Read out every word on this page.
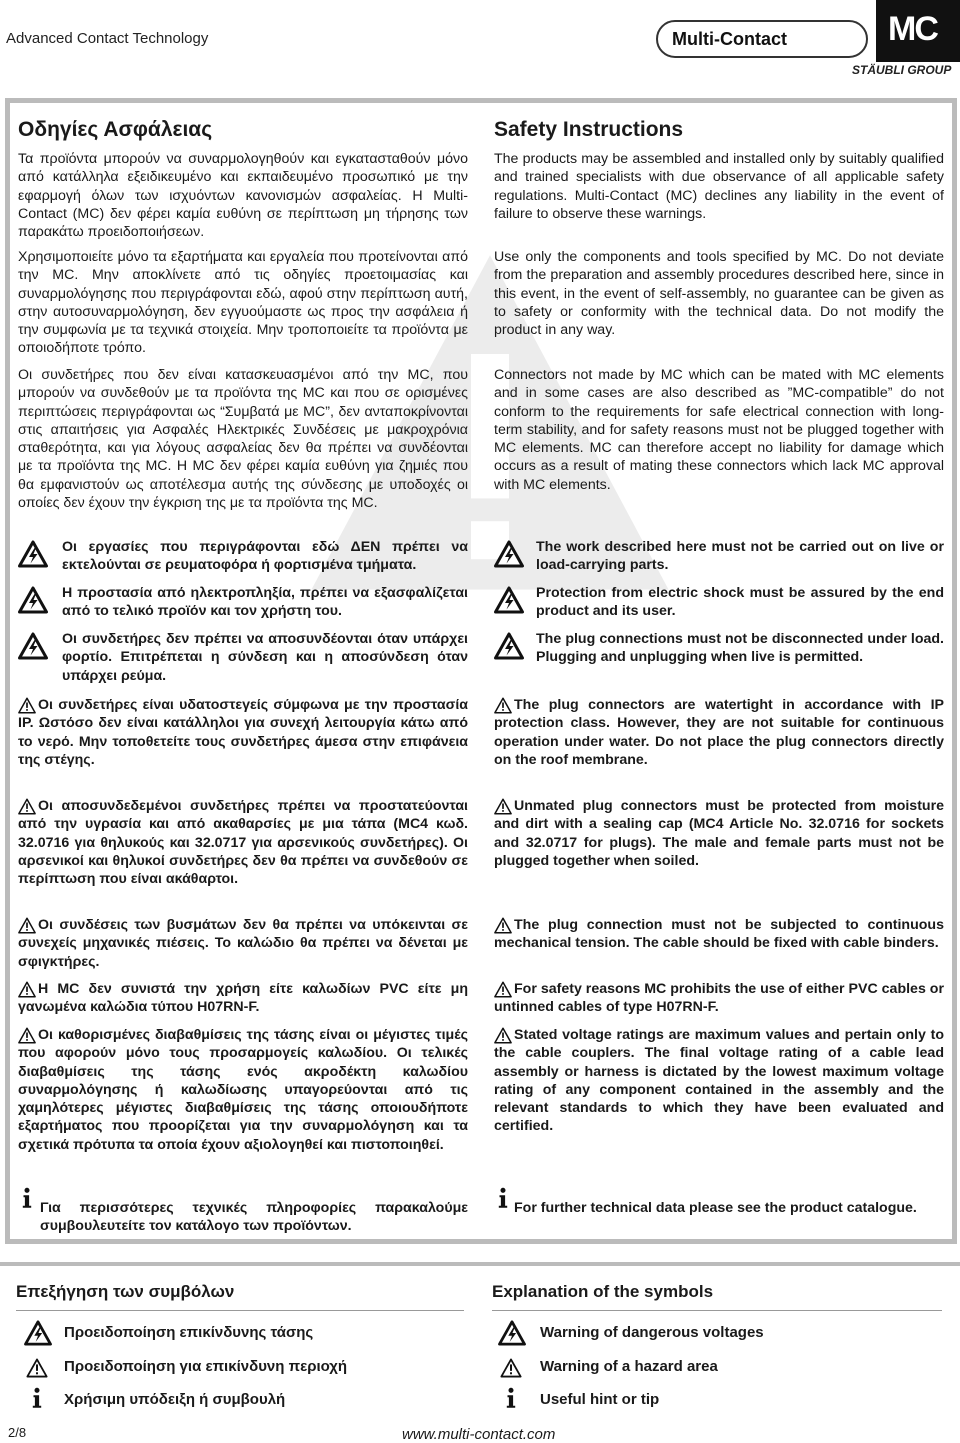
Advanced Contact Technology	Multi-Contact	MC
STÄUBLI GROUP
Οδηγίες Ασφάλειας

Τα προϊόντα μπορούν να συναρμολογηθούν και εγκατασταθούν μόνο από κατάλληλα εξειδικευμένο και εκπαιδευμένο προσωπικό με την εφαρμογή όλων των ισχυόντων κανονισμών ασφαλείας. Η Multi-Contact (MC) δεν φέρει καμία ευθύνη σε περίπτωση μη τήρησης των παρακάτω προειδοποιήσεων.

Χρησιμοποιείτε μόνο τα εξαρτήματα και εργαλεία που προτείνονται από την MC. Μην αποκλίνετε από τις οδηγίες προετοιμασίας και συναρμολόγησης που περιγράφονται εδώ, αφού στην περίπτωση αυτή, στην αυτοσυναρμολόγηση, δεν εγγυούμαστε ως προς την ασφάλεια ή την συμφωνία με τα τεχνικά στοιχεία. Μην τροποποιείτε τα προϊόντα με οποιοδήποτε τρόπο.

Οι συνδετήρες που δεν είναι κατασκευασμένοι από την MC, που μπορούν να συνδεθούν με τα προϊόντα της MC και που σε ορισμένες περιπτώσεις περιγράφονται ως “Συμβατά με MC”, δεν ανταποκρίνονται στις απαιτήσεις για Ασφαλές Ηλεκτρικές Συνδέσεις με μακροχρόνια σταθερότητα, και για λόγους ασφαλείας δεν θα πρέπει να συνδέονται με τα προϊόντα της MC. Η MC δεν φέρει καμία ευθύνη για ζημιές που θα εμφανιστούν ως αποτέλεσμα αυτής της σύνδεσης με υποδοχές οι οποίες δεν έχουν την έγκριση της με τα προϊόντα της MC.

Οι εργασίες που περιγράφονται εδώ ΔΕΝ πρέπει να εκτελούνται σε ρευματοφόρα ή φορτισμένα τμήματα.

Η προστασία από ηλεκτροπληξία, πρέπει να εξασφαλίζεται από το τελικό προϊόν και τον χρήστη του.

Οι συνδετήρες δεν πρέπει να αποσυνδέονται όταν υπάρχει φορτίο. Επιτρέπεται η σύνδεση και η αποσύνδεση όταν υπάρχει ρεύμα.

Οι συνδετήρες είναι υδατοστεγείς σύμφωνα με την προστασία IP. Ωστόσο δεν είναι κατάλληλοι για συνεχή λειτουργία κάτω από το νερό. Μην τοποθετείτε τους συνδετήρες άμεσα στην επιφάνεια της στέγης.

Οι αποσυνδεδεμένοι συνδετήρες πρέπει να προστατεύονται από την υγρασία και από ακαθαρσίες με μια τάπα (MC4 κωδ. 32.0716 για θηλυκούς και 32.0717 για αρσενικούς συνδετήρες). Οι αρσενικοί και θηλυκοί συνδετήρες δεν θα πρέπει να συνδεθούν σε περίπτωση που είναι ακάθαρτοι.

Οι συνδέσεις των βυσμάτων δεν θα πρέπει να υπόκεινται σε συνεχείς μηχανικές πιέσεις. Το καλώδιο θα πρέπει να δένεται με σφιγκτήρες.

Η MC δεν συνιστά την χρήση είτε καλωδίων PVC είτε μη γανωμένα καλώδια τύπου H07RN-F.

Οι καθορισμένες διαβαθμίσεις της τάσης είναι οι μέγιστες τιμές που αφορούν μόνο τους προσαρμογείς καλωδίου. Οι τελικές διαβαθμίσεις της τάσης ενός ακροδέκτη καλωδίου συναρμολόγησης ή καλωδίωσης υπαγορεύονται από τις χαμηλότερες μέγιστες διαβαθμίσεις της τάσης οποιουδήποτε εξαρτήματος που προορίζεται για την συναρμολόγηση και τα σχετικά πρότυπα τα οποία έχουν αξιολογηθεί και πιστοποιηθεί.

Για περισσότερες τεχνικές πληροφορίες παρακαλούμε συμβουλευτείτε τον κατάλογο των προϊόντων.

Safety Instructions

The products may be assembled and installed only by suitably qualified and trained specialists with due observance of all applicable safety regulations. Multi-Contact (MC) declines any liability in the event of failure to observe these warnings.

Use only the components and tools specified by MC. Do not deviate from the preparation and assembly procedures described here, since in this event, in the event of self-assembly, no guarantee can be given as to safety or conformity with the technical data. Do not modify the product in any way.

Connectors not made by MC which can be mated with MC elements and in some cases are also described as ”MC-compatible” do not conform to the requirements for safe electrical connection with long-term stability, and for safety reasons must not be plugged together with MC elements. MC can therefore accept no liability for damage which occurs as a result of mating these connectors which lack MC approval with MC elements.

The work described here must not be carried out on live or load-carrying parts.

Protection from electric shock must be assured by the end product and its user.

The plug connections must not be disconnected under load. Plugging and unplugging when live is permitted.

The plug connectors are watertight in accordance with IP protection class. However, they are not suitable for continuous operation under water. Do not place the plug connectors directly on the roof membrane.

Unmated plug connectors must be protected from moisture and dirt with a sealing cap (MC4 Article No. 32.0716 for sockets and 32.0717 for plugs). The male and female parts must not be plugged together when soiled.

The plug connection must not be subjected to continuous mechanical tension. The cable should be fixed with cable binders.

For safety reasons MC prohibits the use of either PVC cables or untinned cables of type H07RN-F.

Stated voltage ratings are maximum values and pertain only to the cable couplers. The final voltage rating of a cable lead assembly or harness is dictated by the lowest maximum voltage rating of any component contained in the assembly and the relevant standards to which they have been evaluated and certified.

For further technical data please see the product catalogue.

Επεξήγηση των συμβόλων	Explanation of the symbols
Προειδοποίηση επικίνδυνης τάσης
Προειδοποίηση για επικίνδυνη περιοχή
Χρήσιμη υπόδειξη ή συμβουλή
Warning of dangerous voltages
Warning of a hazard area
Useful hint or tip
2/8	www.multi-contact.com
